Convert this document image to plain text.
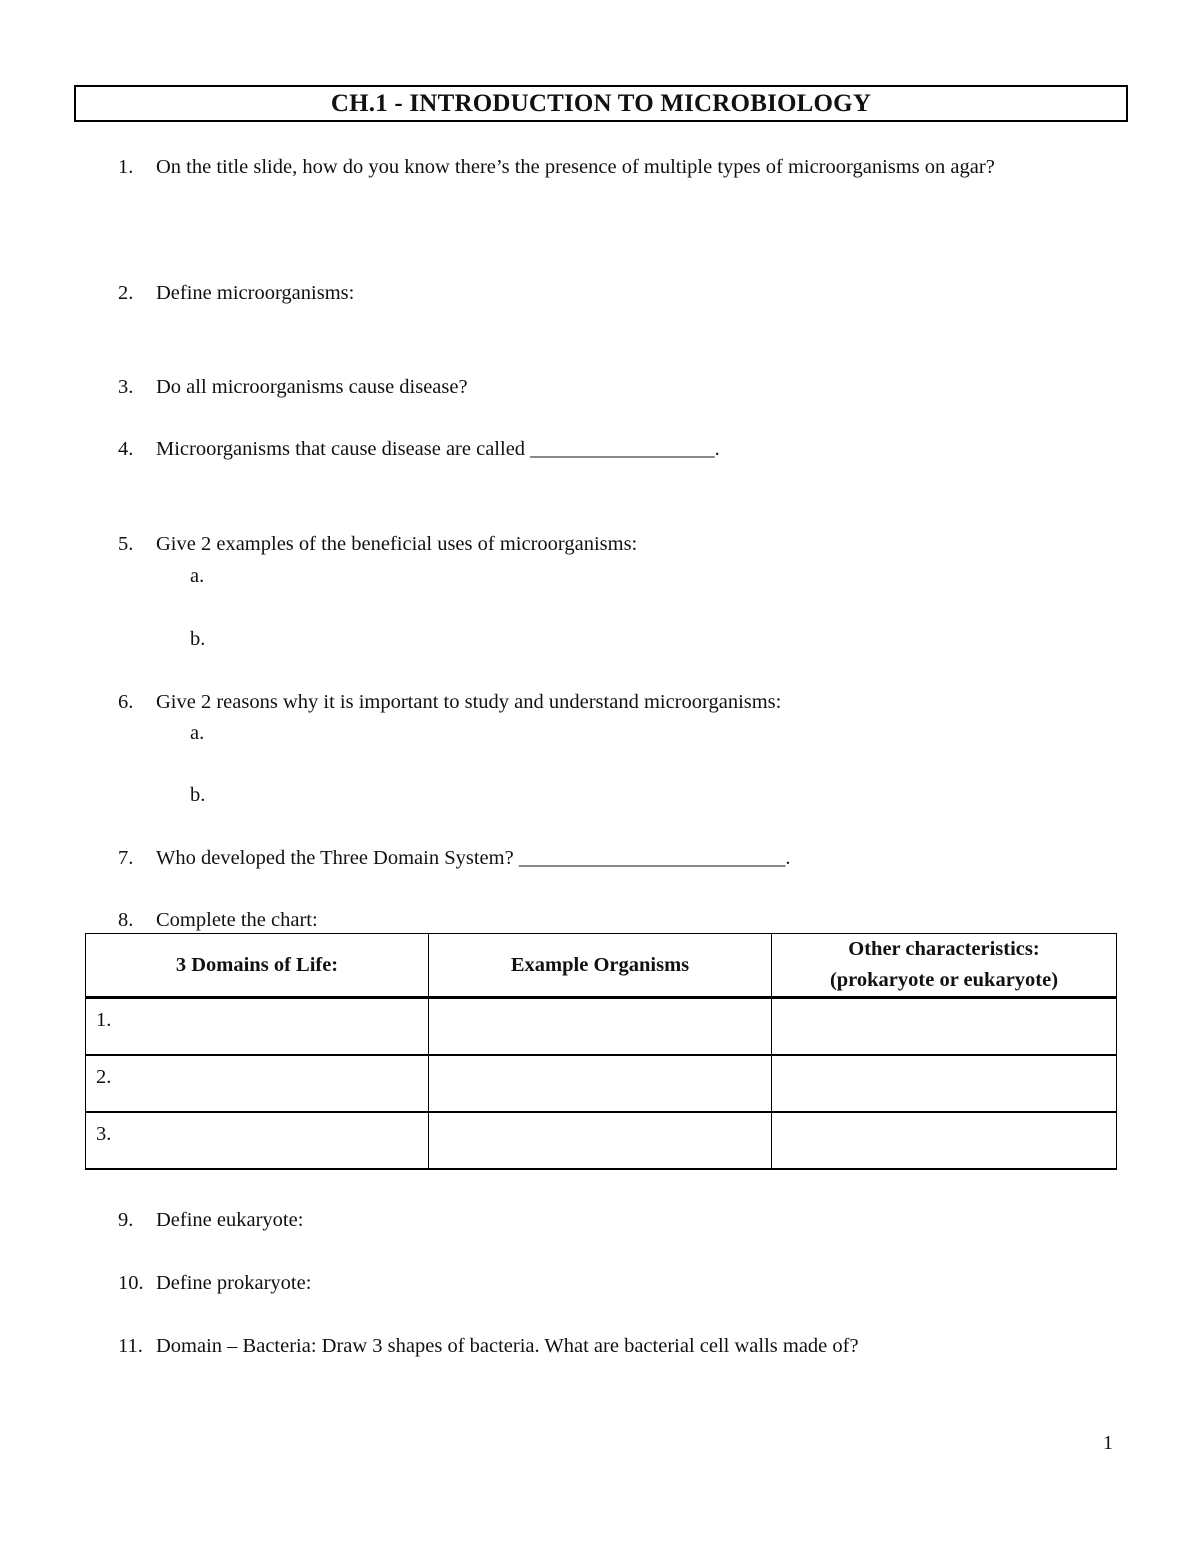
CH.1 - INTRODUCTION TO MICROBIOLOGY
1. On the title slide, how do you know there’s the presence of multiple types of microorganisms on agar?
2. Define microorganisms:
3. Do all microorganisms cause disease?
4. Microorganisms that cause disease are called __________________.
5. Give 2 examples of the beneficial uses of microorganisms:
a.
b.
6. Give 2 reasons why it is important to study and understand microorganisms:
a.
b.
7. Who developed the Three Domain System? __________________________.
8. Complete the chart:
3 Domains of Life:	Example Organisms	Other characteristics:
(prokaryote or eukaryote)

1.		

2.		

3.		

9. Define eukaryote:
10. Define prokaryote:
11. Domain – Bacteria: Draw 3 shapes of bacteria. What are bacterial cell walls made of?
1
